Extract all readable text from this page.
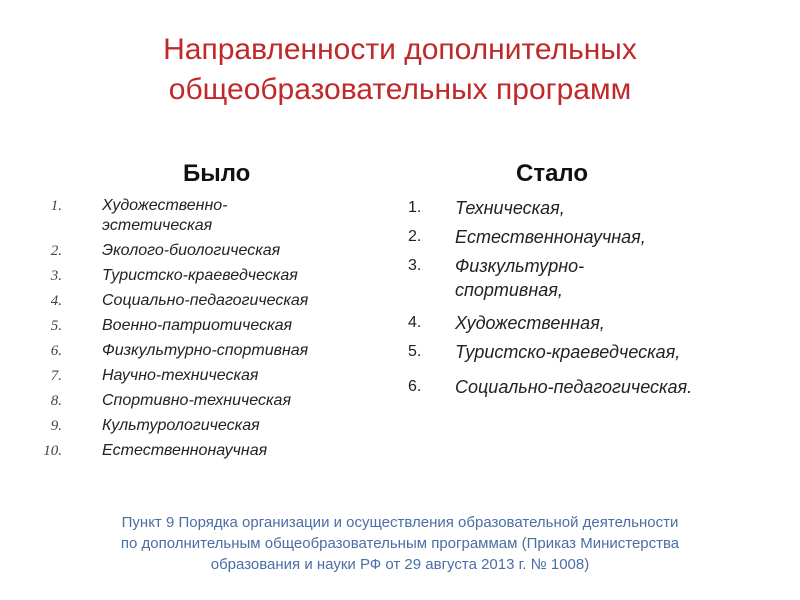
Направленности дополнительных
общеобразовательных программ
Было	Стало
1.	Художественно-
эстетическая
2.	Эколого-биологическая
3.	Туристско-краеведческая
4.	Социально-педагогическая
5.	Военно-патриотическая
6.	Физкультурно-спортивная
7.	Научно-техническая
8.	Спортивно-техническая
9.	Культурологическая
10.	Естественнонаучная
1. Техническая,
2. Естественнонаучная,
3. Физкультурно-
спортивная,
4. Художественная,
5. Туристско-краеведческая,
6. Социально-педагогическая.
Пункт 9 Порядка организации и осуществления образовательной деятельности
по дополнительным общеобразовательным программам (Приказ Министерства
образования и науки РФ от 29 августа 2013 г. № 1008)
